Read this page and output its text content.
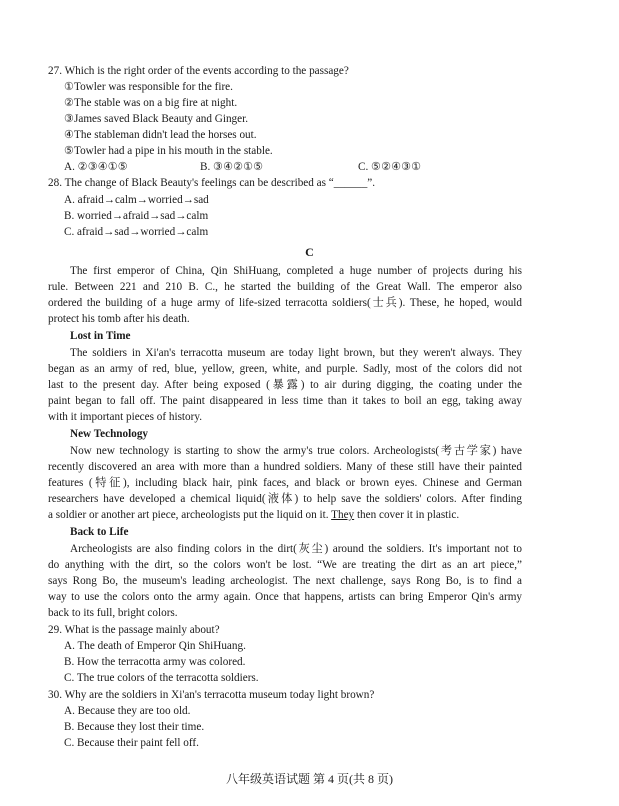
27. Which is the right order of the events according to the passage?
①Towler was responsible for the fire.
②The stable was on a big fire at night.
③James saved Black Beauty and Ginger.
④The stableman didn't lead the horses out.
⑤Towler had a pipe in his mouth in the stable.
A. ②③④①⑤	B. ③④②①⑤	C. ⑤②④③①
28. The change of Black Beauty's feelings can be described as “______”.
A. afraid→calm→worried→sad
B. worried→afraid→sad→calm
C. afraid→sad→worried→calm
C
The first emperor of China, Qin ShiHuang, completed a huge number of projects during his
rule. Between 221 and 210 B. C., he started the building of the Great Wall. The emperor also
ordered the building of a huge army of life-sized terracotta soldiers(士兵). These, he hoped, would
protect his tomb after his death.
Lost in Time
The soldiers in Xi'an's terracotta museum are today light brown, but they weren't always. They
began as an army of red, blue, yellow, green, white, and purple. Sadly, most of the colors did not
last to the present day. After being exposed (暴露) to air during digging, the coating under the
paint began to fall off. The paint disappeared in less time than it takes to boil an egg, taking away
with it important pieces of history.
New Technology
Now new technology is starting to show the army's true colors. Archeologists(考古学家) have
recently discovered an area with more than a hundred soldiers. Many of these still have their painted
features (特征), including black hair, pink faces, and black or brown eyes. Chinese and German
researchers have developed a chemical liquid(液体) to help save the soldiers' colors. After finding
a soldier or another art piece, archeologists put the liquid on it. They then cover it in plastic.
Back to Life
Archeologists are also finding colors in the dirt(灰尘) around the soldiers. It's important not to
do anything with the dirt, so the colors won't be lost. “We are treating the dirt as an art piece,”
says Rong Bo, the museum's leading archeologist. The next challenge, says Rong Bo, is to find a
way to use the colors onto the army again. Once that happens, artists can bring Emperor Qin's army
back to its full, bright colors.
29. What is the passage mainly about?
A. The death of Emperor Qin ShiHuang.
B. How the terracotta army was colored.
C. The true colors of the terracotta soldiers.
30. Why are the soldiers in Xi'an's terracotta museum today light brown?
A. Because they are too old.
B. Because they lost their time.
C. Because their paint fell off.
八年级英语试题 第 4 页(共 8 页)
